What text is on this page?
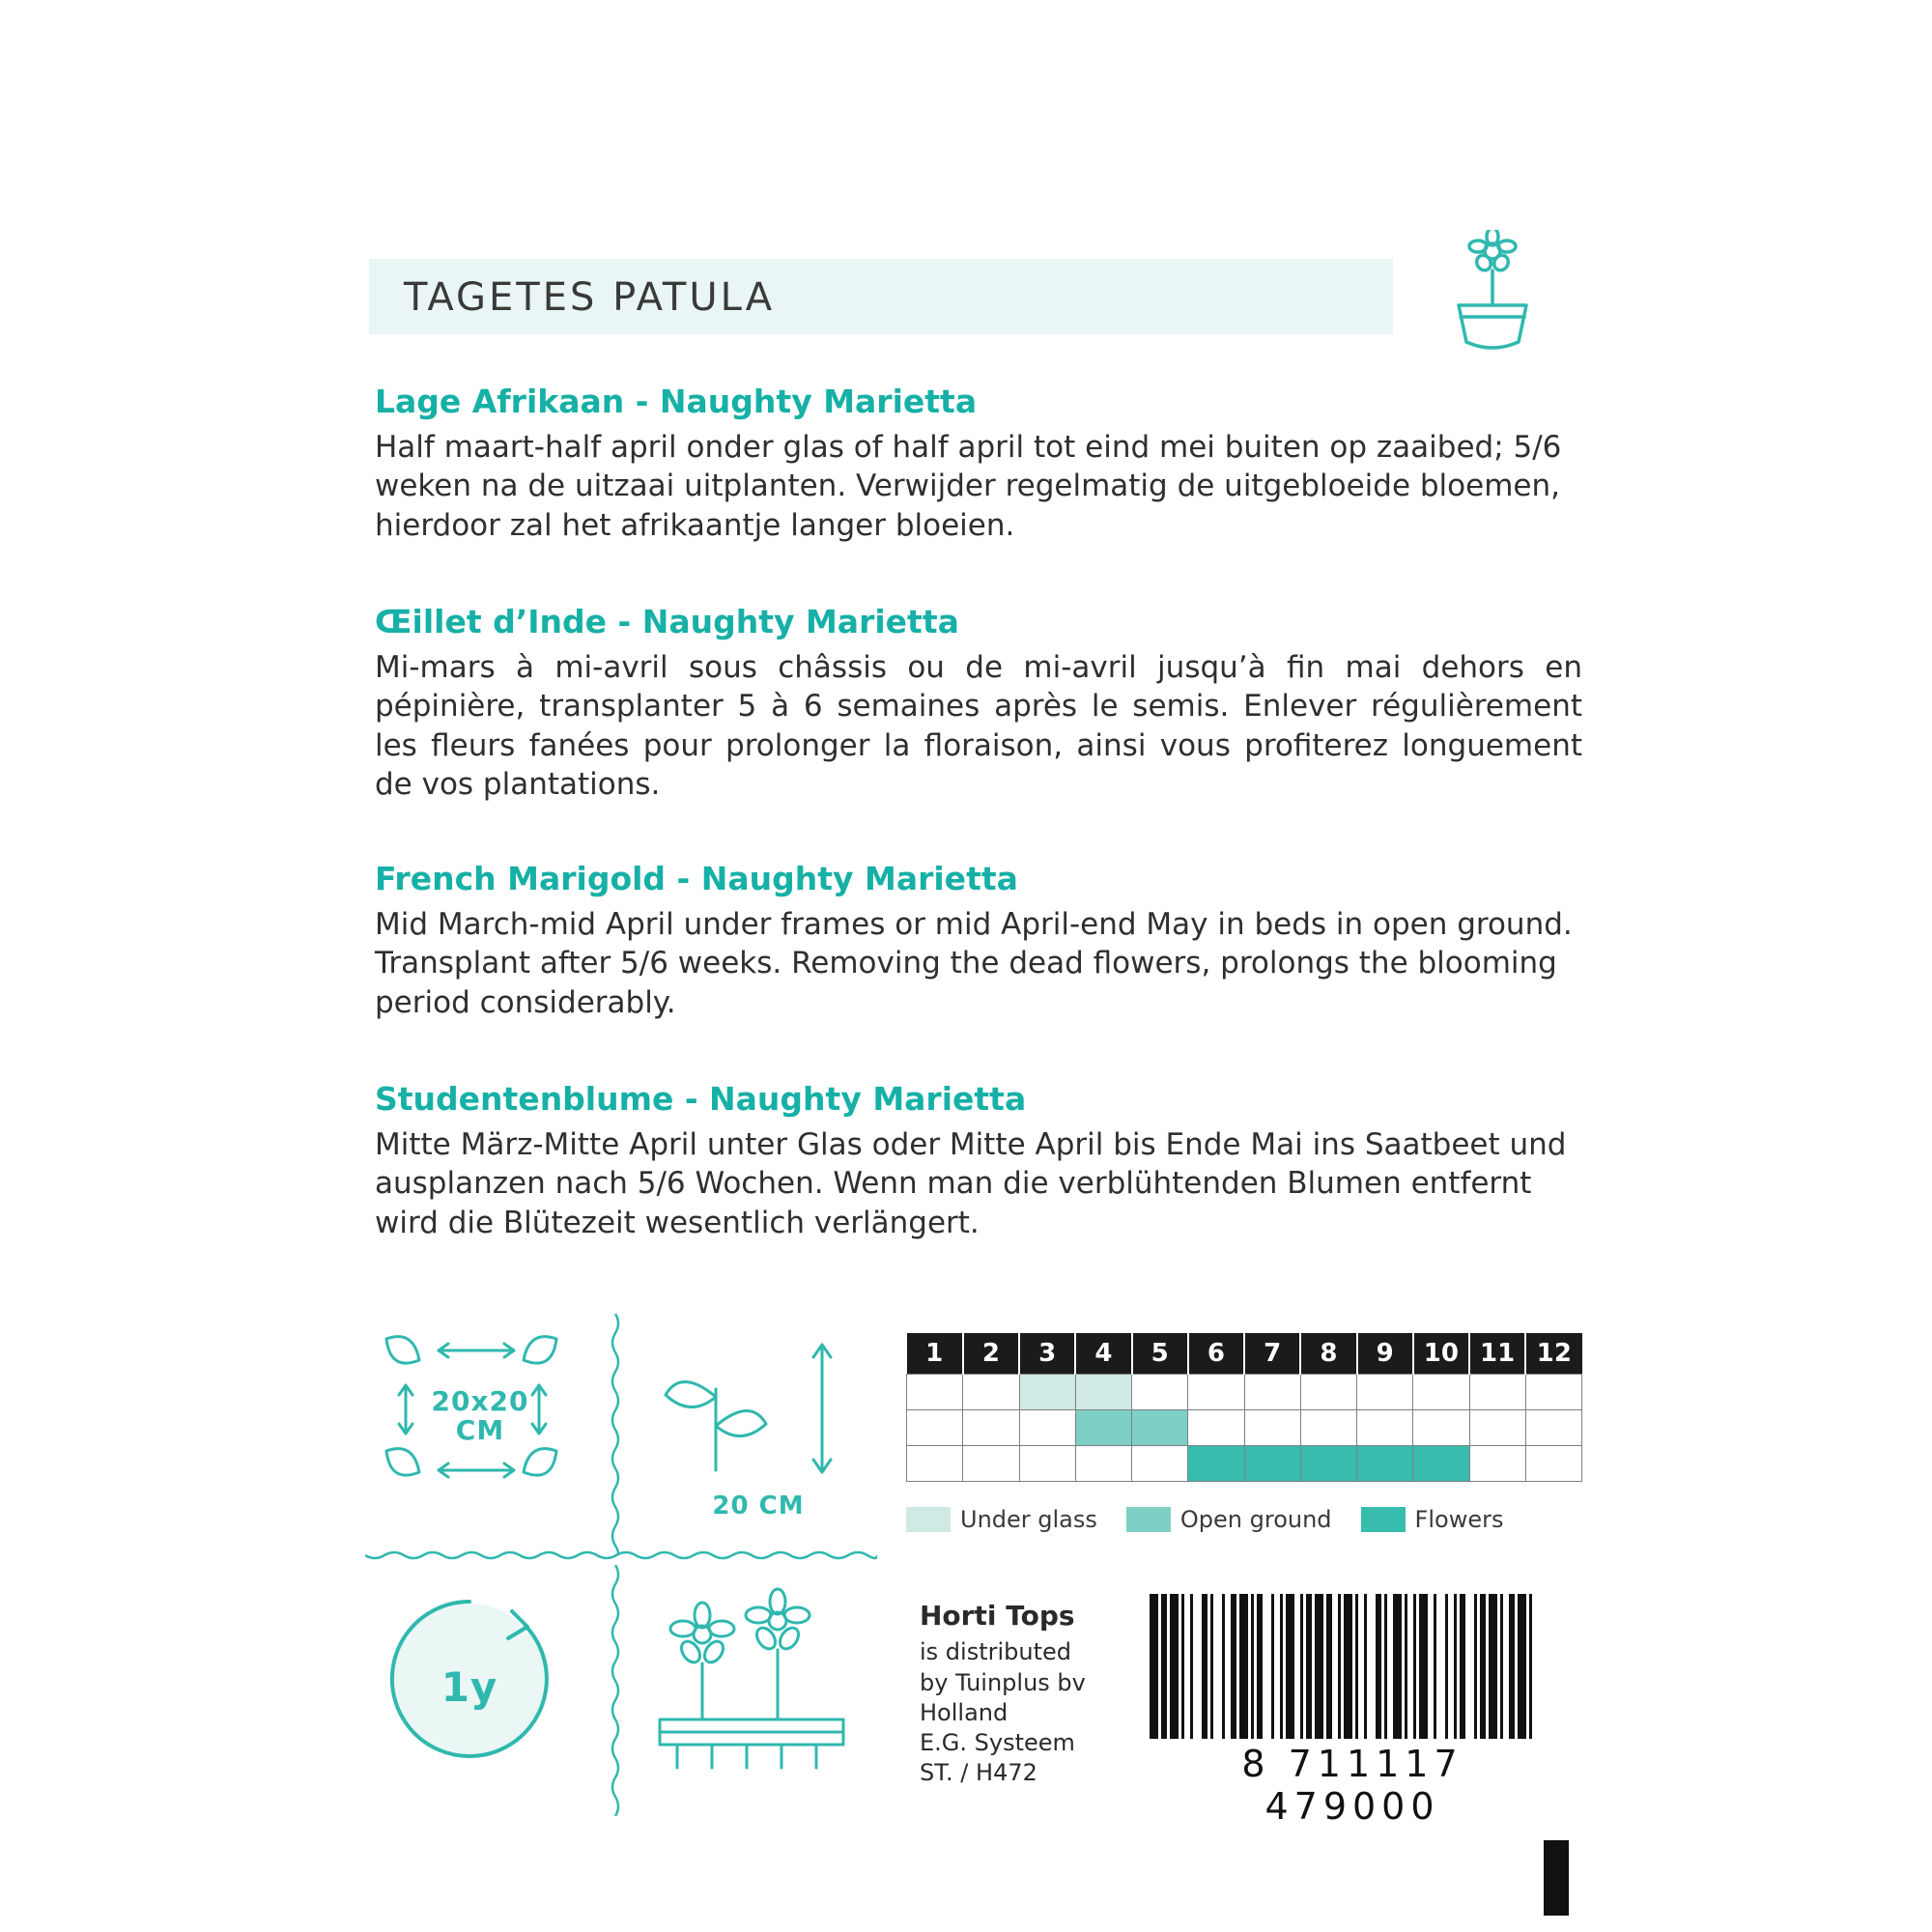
TAGETES PATULA
Lage Afrikaan - Naughty Marietta

Half maart-half april onder glas of half april tot eind mei buiten op zaaibed; 5/6 weken na de uitzaai uitplanten. Verwijder regelmatig de uitgebloeide bloemen, hierdoor zal het afrikaantje langer bloeien.

Œillet d’Inde - Naughty Marietta

Mi-mars à mi-avril sous châssis ou de mi-avril jusqu’à fin mai dehors en pépinière, transplanter 5 à 6 semaines après le semis. Enlever régulièrement les fleurs fanées pour prolonger la floraison, ainsi vous profiterez longuement de vos plantations.

French Marigold - Naughty Marietta

Mid March-mid April under frames or mid April-end May in beds in open ground. Transplant after 5/6 weeks. Removing the dead flowers, prolongs the blooming period considerably.

Studentenblume - Naughty Marietta

Mitte März-Mitte April unter Glas oder Mitte April bis Ende Mai ins Saatbeet und ausplanzen nach 5/6 Wochen. Wenn man die verblühtenden Blumen entfernt wird die Blütezeit wesentlich verlängert.

20x20
CM
20 CM
1y
1	2	3	4	5	6	7	8	9	10	11	12

Under glass	Open ground	Flowers
Horti Tops
is distributed
by Tuinplus bv
Holland
E.G. Systeem
ST. / H472	8 711117 479000
